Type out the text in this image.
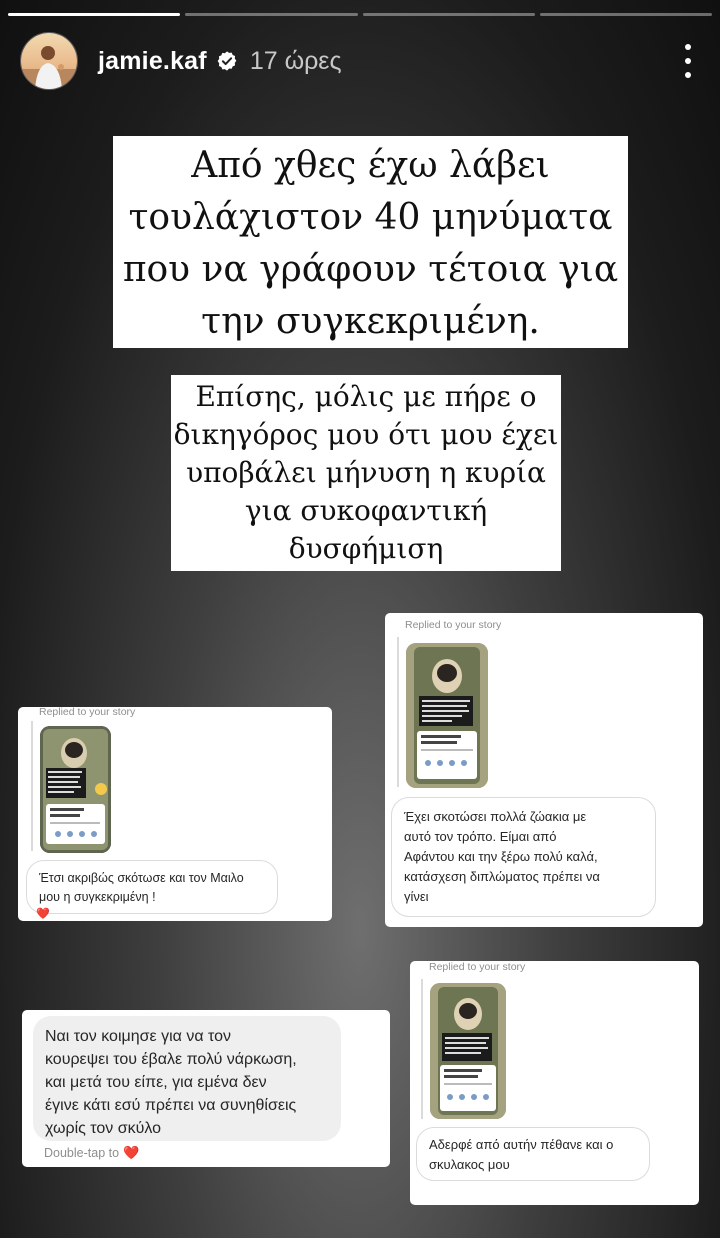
jamie.kaf 17 ώρες
Από χθες έχω λάβει
τουλάχιστον 40 μηνύματα
που να γράφουν τέτοια για
την συγκεκριμένη.
Επίσης, μόλις με πήρε ο
δικηγόρος μου ότι μου έχει
υποβάλει μήνυση η κυρία
για συκοφαντική
δυσφήμιση
Replied to your story
Έτσι ακριβώς σκότωσε και τον Μαιλο
μου η συγκεκριμένη !
❤️
Replied to your story
Έχει σκοτώσει πολλά ζώακια με
αυτό τον τρόπο. Είμαι από
Αφάντου και την ξέρω πολύ καλά,
κατάσχεση διπλώματος πρέπει να
γίνει
Ναι τον κοιμησε για να τον
κουρεψει του έβαλε πολύ νάρκωση,
και μετά του είπε, για εμένα δεν
έγινε κάτι εσύ πρέπει να συνηθίσεις
χωρίς τον σκύλο
Double-tap to ❤️
Replied to your story
Αδερφέ από αυτήν πέθανε και ο
σκυλακος μου
